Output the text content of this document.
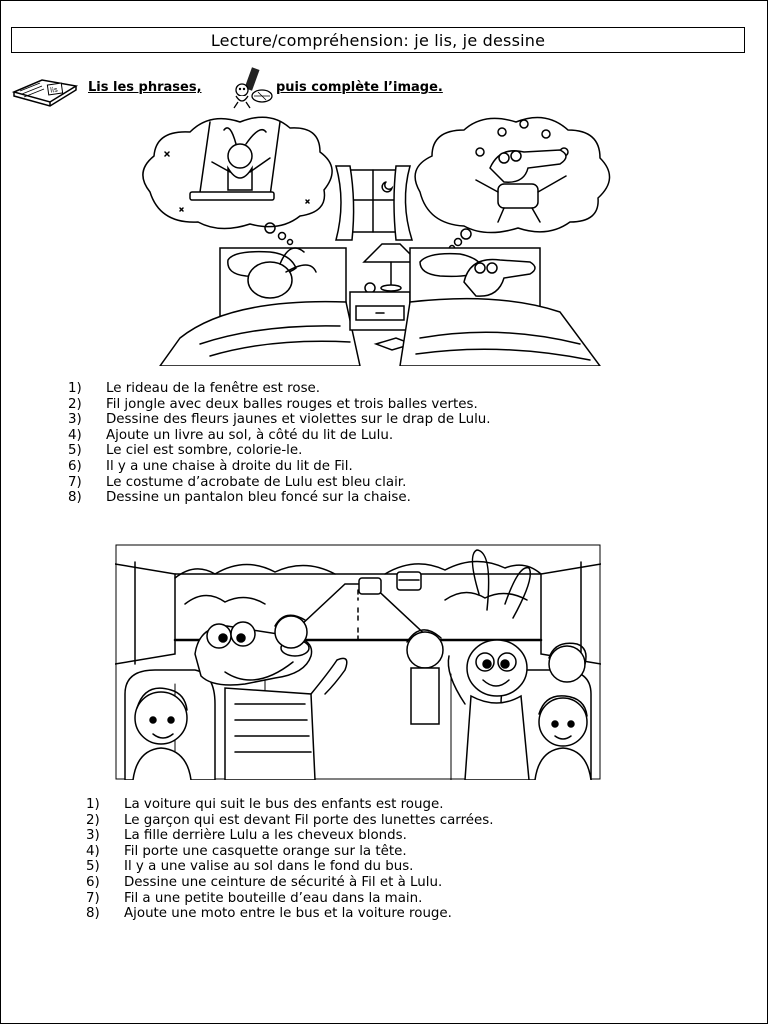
Lecture/compréhension: je lis, je dessine
lis Lis les phrases,	puis complète l’image.
1)	Le rideau de la fenêtre est rose.
2)	Fil jongle avec deux balles rouges et trois balles vertes.
3)	Dessine des fleurs jaunes et violettes sur le drap de Lulu.
4)	Ajoute un livre au sol, à côté du lit de Lulu.
5)	Le ciel est sombre, colorie-le.
6)	Il y a une chaise à droite du lit de Fil.
7)	Le costume d’acrobate de Lulu est bleu clair.
8)	Dessine un pantalon bleu foncé sur la chaise.
1)	La voiture qui suit le bus des enfants est rouge.
2)	Le garçon qui est devant Fil porte des lunettes carrées.
3)	La fille derrière Lulu a les cheveux blonds.
4)	Fil porte une casquette orange sur la tête.
5)	Il y a une valise au sol dans le fond du bus.
6)	Dessine une ceinture de sécurité à Fil et à Lulu.
7)	Fil a une petite bouteille d’eau dans la main.
8)	Ajoute une moto entre le bus et la voiture rouge.
